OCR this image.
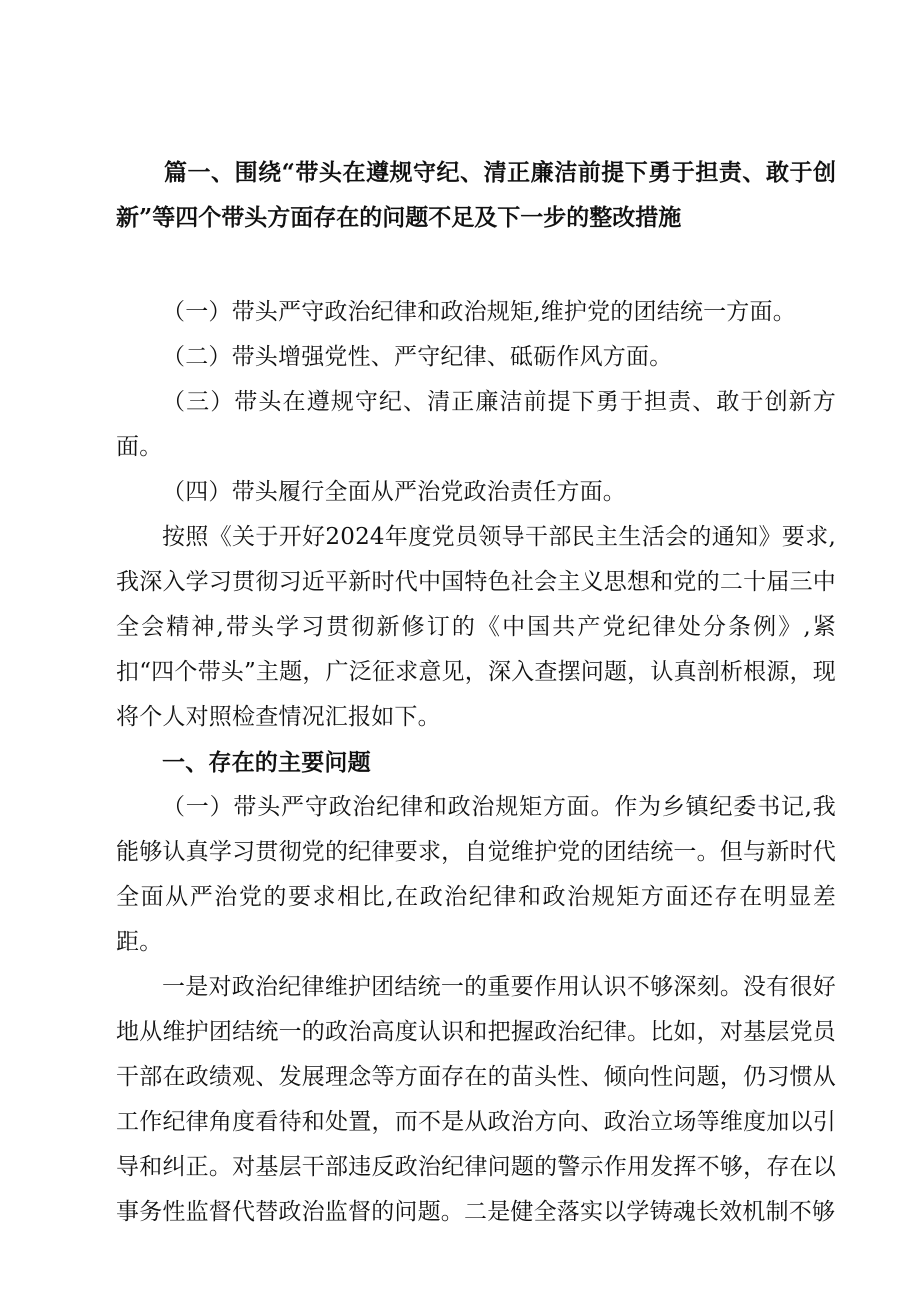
篇一、围绕“带头在遵规守纪、清正廉洁前提下勇于担责、敢于创新”等四个带头方面存在的问题不足及下一步的整改措施

（一）带头严守政治纪律和政治规矩,维护党的团结统一方面。

（二）带头增强党性、严守纪律、砥砺作风方面。

（三）带头在遵规守纪、清正廉洁前提下勇于担责、敢于创新方面。

（四）带头履行全面从严治党政治责任方面。

按照《关于开好2024年度党员领导干部民主生活会的通知》要求,我深入学习贯彻习近平新时代中国特色社会主义思想和党的二十届三中全会精神,带头学习贯彻新修订的《中国共产党纪律处分条例》,紧扣“四个带头”主题，广泛征求意见，深入查摆问题，认真剖析根源，现将个人对照检查情况汇报如下。

一、存在的主要问题

（一）带头严守政治纪律和政治规矩方面。作为乡镇纪委书记,我能够认真学习贯彻党的纪律要求，自觉维护党的团结统一。但与新时代全面从严治党的要求相比,在政治纪律和政治规矩方面还存在明显差距。

一是对政治纪律维护团结统一的重要作用认识不够深刻。没有很好地从维护团结统一的政治高度认识和把握政治纪律。比如，对基层党员干部在政绩观、发展理念等方面存在的苗头性、倾向性问题，仍习惯从工作纪律角度看待和处置，而不是从政治方向、政治立场等维度加以引导和纠正。对基层干部违反政治纪律问题的警示作用发挥不够，存在以事务性监督代替政治监督的问题。二是健全落实以学铸魂长效机制不够
